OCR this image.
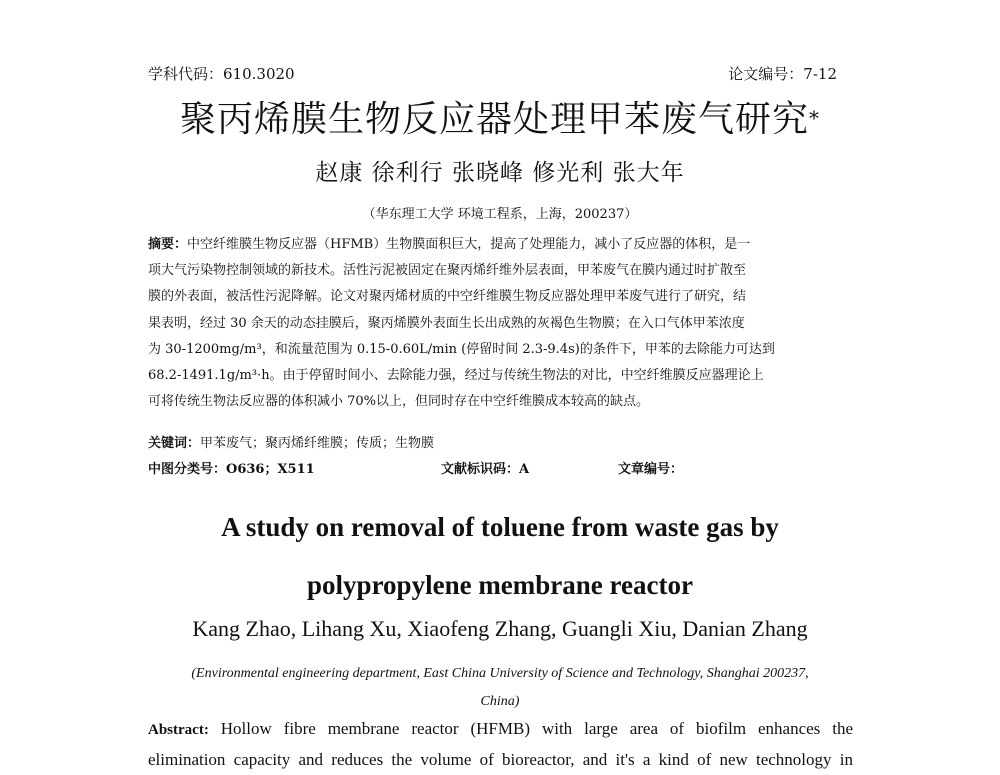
学科代码：610.3020	论文编号：7-12
聚丙烯膜生物反应器处理甲苯废气研究*
赵康 徐利行 张晓峰 修光利 张大年
（华东理工大学 环境工程系，上海，200237）
摘要：中空纤维膜生物反应器（HFMB）生物膜面积巨大，提高了处理能力，减小了反应器的体积，是一
项大气污染物控制领域的新技术。活性污泥被固定在聚丙烯纤维外层表面，甲苯废气在膜内通过时扩散至
膜的外表面，被活性污泥降解。论文对聚丙烯材质的中空纤维膜生物反应器处理甲苯废气进行了研究，结
果表明，经过 30 余天的动态挂膜后，聚丙烯膜外表面生长出成熟的灰褐色生物膜；在入口气体甲苯浓度
为 30-1200mg/m³，和流量范围为 0.15-0.60L/min (停留时间 2.3-9.4s)的条件下，甲苯的去除能力可达到
68.2-1491.1g/m³·h。由于停留时间小、去除能力强，经过与传统生物法的对比，中空纤维膜反应器理论上
可将传统生物法反应器的体积减小 70%以上，但同时存在中空纤维膜成本较高的缺点。
关键词：甲苯废气；聚丙烯纤维膜；传质；生物膜
中图分类号：O636；X511	文献标识码：A	文章编号：
A study on removal of toluene from waste gas by
polypropylene membrane reactor
Kang Zhao, Lihang Xu, Xiaofeng Zhang, Guangli Xiu, Danian Zhang
(Environmental engineering department, East China University of Science and Technology, Shanghai 200237,
China)
Abstract: Hollow fibre membrane reactor (HFMB) with large area of biofilm enhances the
elimination capacity and reduces the volume of bioreactor, and it's a kind of new technology in
